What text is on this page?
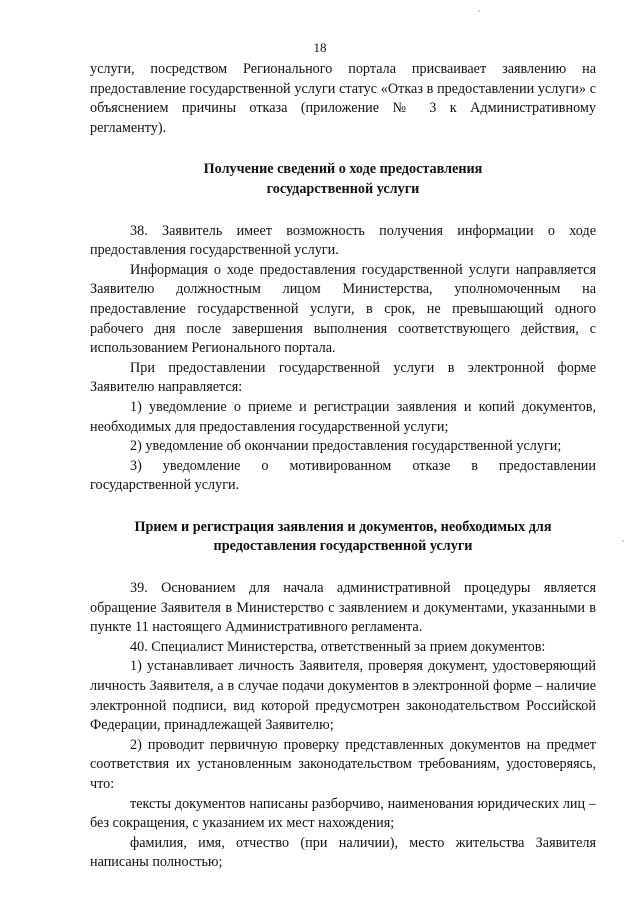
18

услуги, посредством Регионального портала присваивает заявлению на предоставление государственной услуги статус «Отказ в предоставлении услуги» с объяснением причины отказа (приложение № 3 к Административному регламенту).

Получение сведений о ходе предоставления
государственной услуги

38. Заявитель имеет возможность получения информации о ходе предоставления государственной услуги.

Информация о ходе предоставления государственной услуги направляется Заявителю должностным лицом Министерства, уполномоченным на предоставление государственной услуги, в срок, не превышающий одного рабочего дня после завершения выполнения соответствующего действия, с использованием Регионального портала.

При предоставлении государственной услуги в электронной форме Заявителю направляется:

1) уведомление о приеме и регистрации заявления и копий документов, необходимых для предоставления государственной услуги;

2) уведомление об окончании предоставления государственной услуги;

3) уведомление о мотивированном отказе в предоставлении государственной услуги.

Прием и регистрация заявления и документов, необходимых для
предоставления государственной услуги

39. Основанием для начала административной процедуры является обращение Заявителя в Министерство с заявлением и документами, указанными в пункте 11 настоящего Административного регламента.

40. Специалист Министерства, ответственный за прием документов:

1) устанавливает личность Заявителя, проверяя документ, удостоверяющий личность Заявителя, а в случае подачи документов в электронной форме – наличие электронной подписи, вид которой предусмотрен законодательством Российской Федерации, принадлежащей Заявителю;

2) проводит первичную проверку представленных документов на предмет соответствия их установленным законодательством требованиям, удостоверяясь, что:

тексты документов написаны разборчиво, наименования юридических лиц – без сокращения, с указанием их мест нахождения;

фамилия, имя, отчество (при наличии), место жительства Заявителя написаны полностью;
